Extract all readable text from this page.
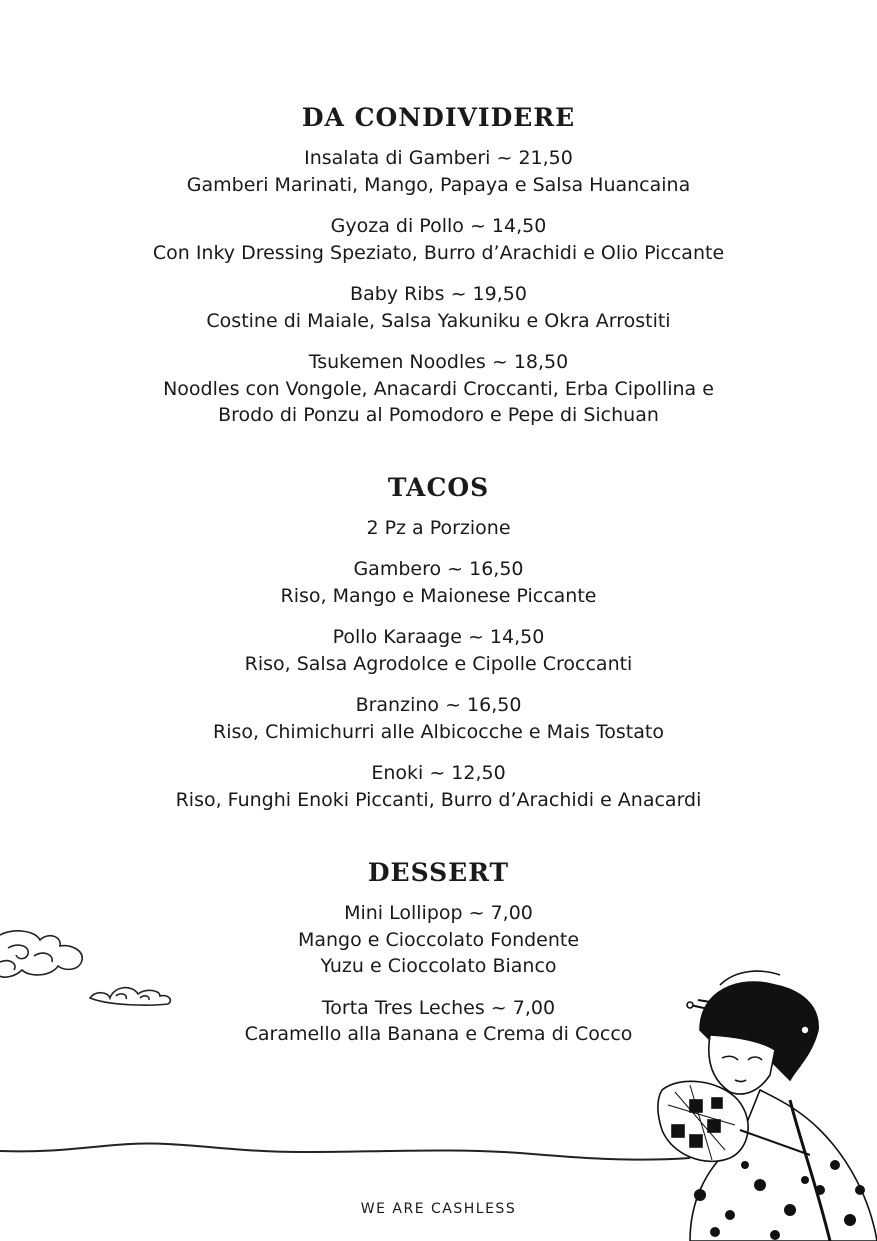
DA CONDIVIDERE
Insalata di Gamberi ~ 21,50
Gamberi Marinati, Mango, Papaya e Salsa Huancaina
Gyoza di Pollo ~ 14,50
Con Inky Dressing Speziato, Burro d’Arachidi e Olio Piccante
Baby Ribs ~ 19,50
Costine di Maiale, Salsa Yakuniku e Okra Arrostiti
Tsukemen Noodles ~ 18,50
Noodles con Vongole, Anacardi Croccanti, Erba Cipollina e
Brodo di Ponzu al Pomodoro e Pepe di Sichuan
TACOS
2 Pz a Porzione
Gambero ~ 16,50
Riso, Mango e Maionese Piccante
Pollo Karaage ~ 14,50
Riso, Salsa Agrodolce e Cipolle Croccanti
Branzino ~ 16,50
Riso, Chimichurri alle Albicocche e Mais Tostato
Enoki ~ 12,50
Riso, Funghi Enoki Piccanti, Burro d’Arachidi e Anacardi
DESSERT
Mini Lollipop ~ 7,00
Mango e Cioccolato Fondente
Yuzu e Cioccolato Bianco
Torta Tres Leches ~ 7,00
Caramello alla Banana e Crema di Cocco
WE ARE CASHLESS
